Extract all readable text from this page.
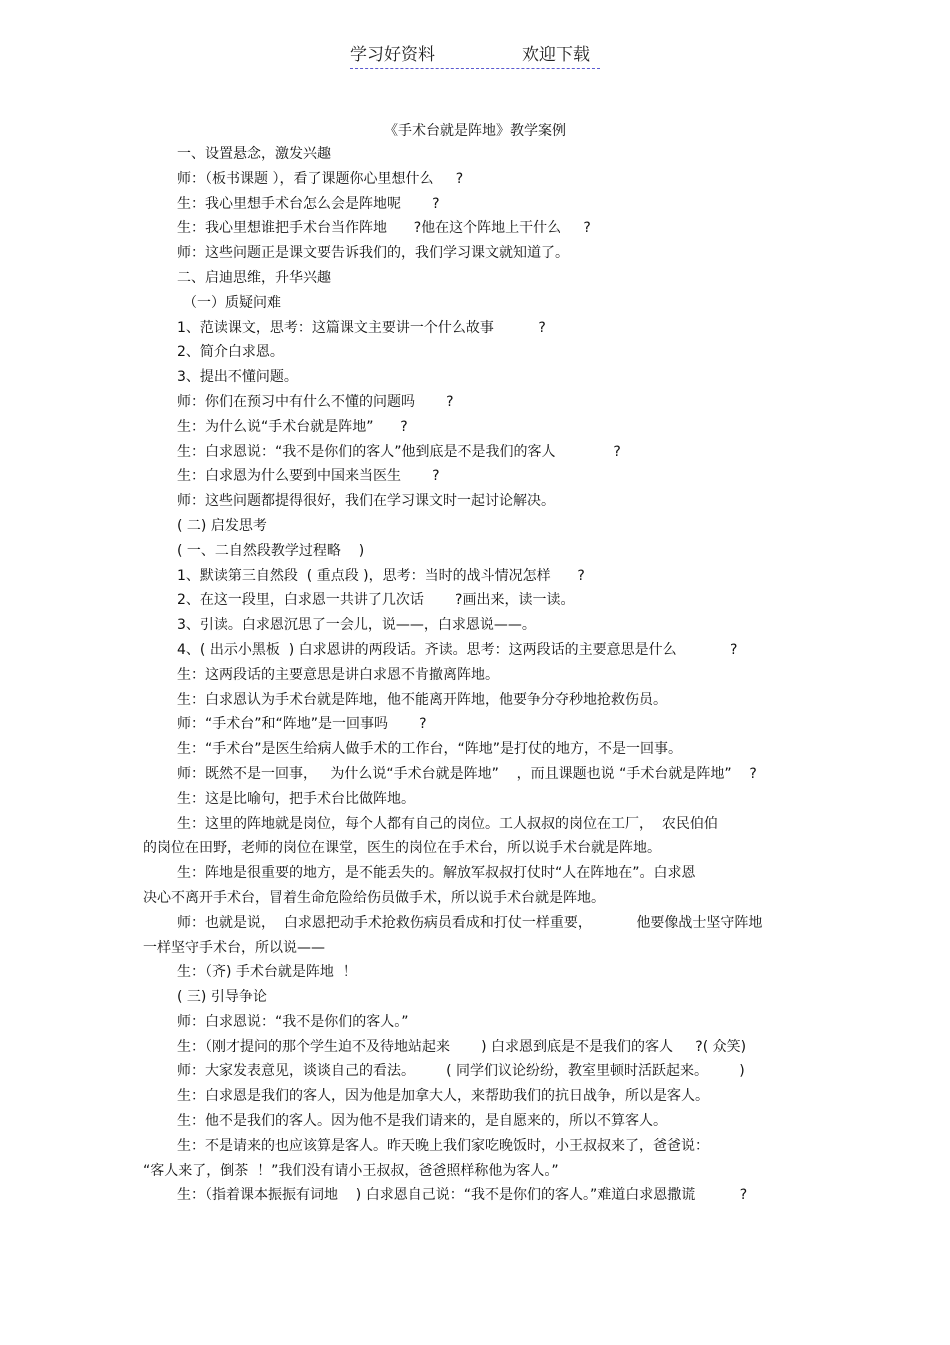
学习好资料	欢迎下载
《手术台就是阵地》教学案例
一、设置悬念，激发兴趣
师：（板书课题 ），看了课题你心里想什么     ?
生：我心里想手术台怎么会是阵地呢       ?
生：我心里想谁把手术台当作阵地      ?他在这个阵地上干什么     ?
师：这些问题正是课文要告诉我们的，我们学习课文就知道了。
二、启迪思维，升华兴趣
（一）质疑问难
1、范读课文，思考：这篇课文主要讲一个什么故事          ?
2、简介白求恩。
3、提出不懂问题。
师：你们在预习中有什么不懂的问题吗       ?
生：为什么说“手术台就是阵地”      ?
生：白求恩说：“我不是你们的客人”他到底是不是我们的客人             ?
生：白求恩为什么要到中国来当医生       ?
师：这些问题都提得很好，我们在学习课文时一起讨论解决。
( 二) 启发思考
( 一、二自然段教学过程略    )
1、默读第三自然段  ( 重点段 )，思考：当时的战斗情况怎样      ?
2、在这一段里，白求恩一共讲了几次话       ?画出来，读一读。
3、引读。白求恩沉思了一会儿，说——，白求恩说——。
4、( 出示小黑板  ) 白求恩讲的两段话。齐读。思考：这两段话的主要意思是什么            ?
生：这两段话的主要意思是讲白求恩不肯撤离阵地。
生：白求恩认为手术台就是阵地，他不能离开阵地，他要争分夺秒地抢救伤员。
师：“手术台”和“阵地”是一回事吗       ?
生：“手术台”是医生给病人做手术的工作台，“阵地”是打仗的地方，不是一回事。
师：既然不是一回事，   为什么说“手术台就是阵地”    ，而且课题也说 “手术台就是阵地”    ?
生：这是比喻句，把手术台比做阵地。
生：这里的阵地就是岗位，每个人都有自己的岗位。工人叔叔的岗位在工厂，  农民伯伯
的岗位在田野，老师的岗位在课堂，医生的岗位在手术台，所以说手术台就是阵地。
生：阵地是很重要的地方，是不能丢失的。解放军叔叔打仗时“人在阵地在”。白求恩
决心不离开手术台，冒着生命危险给伤员做手术，所以说手术台就是阵地。
师：也就是说，  白求恩把动手术抢救伤病员看成和打仗一样重要，          他要像战士坚守阵地
一样坚守手术台，所以说——
生：（齐) 手术台就是阵地  ！
( 三) 引导争论
师：白求恩说：“我不是你们的客人。”
生：（刚才提问的那个学生迫不及待地站起来       ) 白求恩到底是不是我们的客人     ?( 众笑)
师：大家发表意见，谈谈自己的看法。       ( 同学们议论纷纷，教室里顿时活跃起来。       )
生：白求恩是我们的客人，因为他是加拿大人，来帮助我们的抗日战争，所以是客人。
生：他不是我们的客人。因为他不是我们请来的，是自愿来的，所以不算客人。
生：不是请来的也应该算是客人。昨天晚上我们家吃晚饭时，小王叔叔来了，爸爸说：
“客人来了，倒茶  ！”我们没有请小王叔叔，爸爸照样称他为客人。”
生：（指着课本振振有词地    ) 白求恩自己说：“我不是你们的客人。”难道白求恩撒谎          ?
